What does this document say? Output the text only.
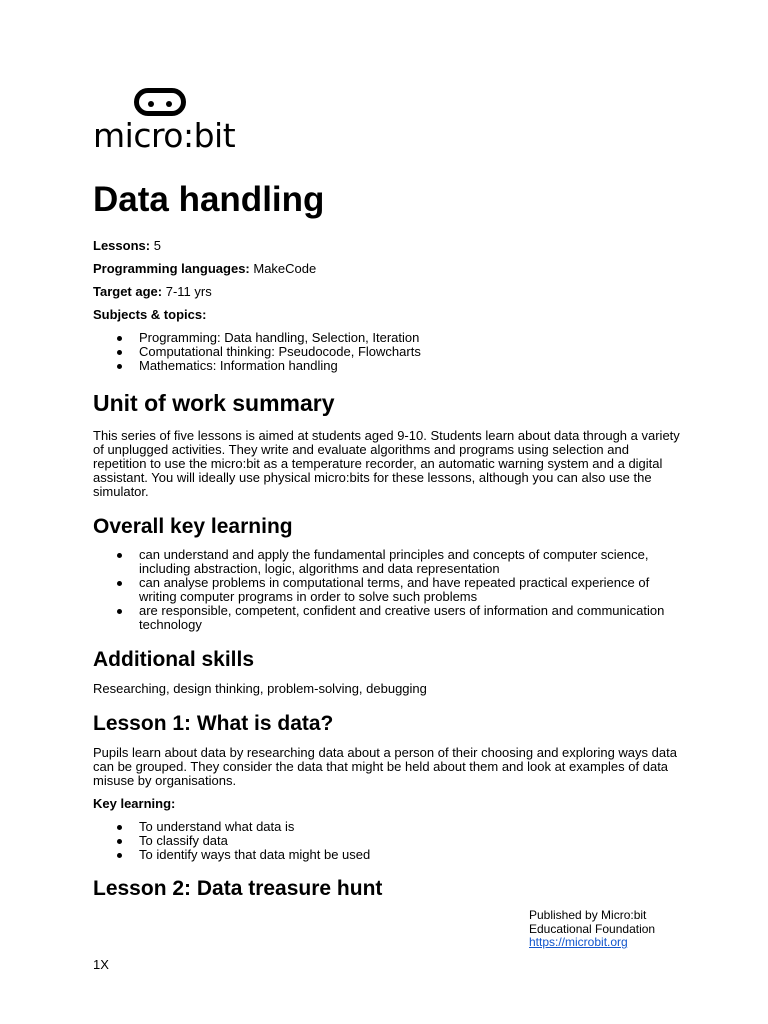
micro:bit
Data handling
Lessons: 5
Programming languages: MakeCode
Target age: 7-11 yrs
Subjects & topics:
Programming: Data handling, Selection, Iteration
Computational thinking: Pseudocode, Flowcharts
Mathematics: Information handling
Unit of work summary

This series of five lessons is aimed at students aged 9-10. Students learn about data through a variety of unplugged activities. They write and evaluate algorithms and programs using selection and repetition to use the micro:bit as a temperature recorder, an automatic warning system and a digital assistant. You will ideally use physical micro:bits for these lessons, although you can also use the simulator.

Overall key learning
can understand and apply the fundamental principles and concepts of computer science, including abstraction, logic, algorithms and data representation
can analyse problems in computational terms, and have repeated practical experience of writing computer programs in order to solve such problems
are responsible, competent, confident and creative users of information and communication technology
Additional skills

Researching, design thinking, problem-solving, debugging

Lesson 1: What is data?

Pupils learn about data by researching data about a person of their choosing and exploring ways data can be grouped. They consider the data that might be held about them and look at examples of data misuse by organisations.

Key learning:
To understand what data is
To classify data
To identify ways that data might be used
Lesson 2: Data treasure hunt
Published by Micro:bit
Educational Foundation
https://microbit.org
1X
